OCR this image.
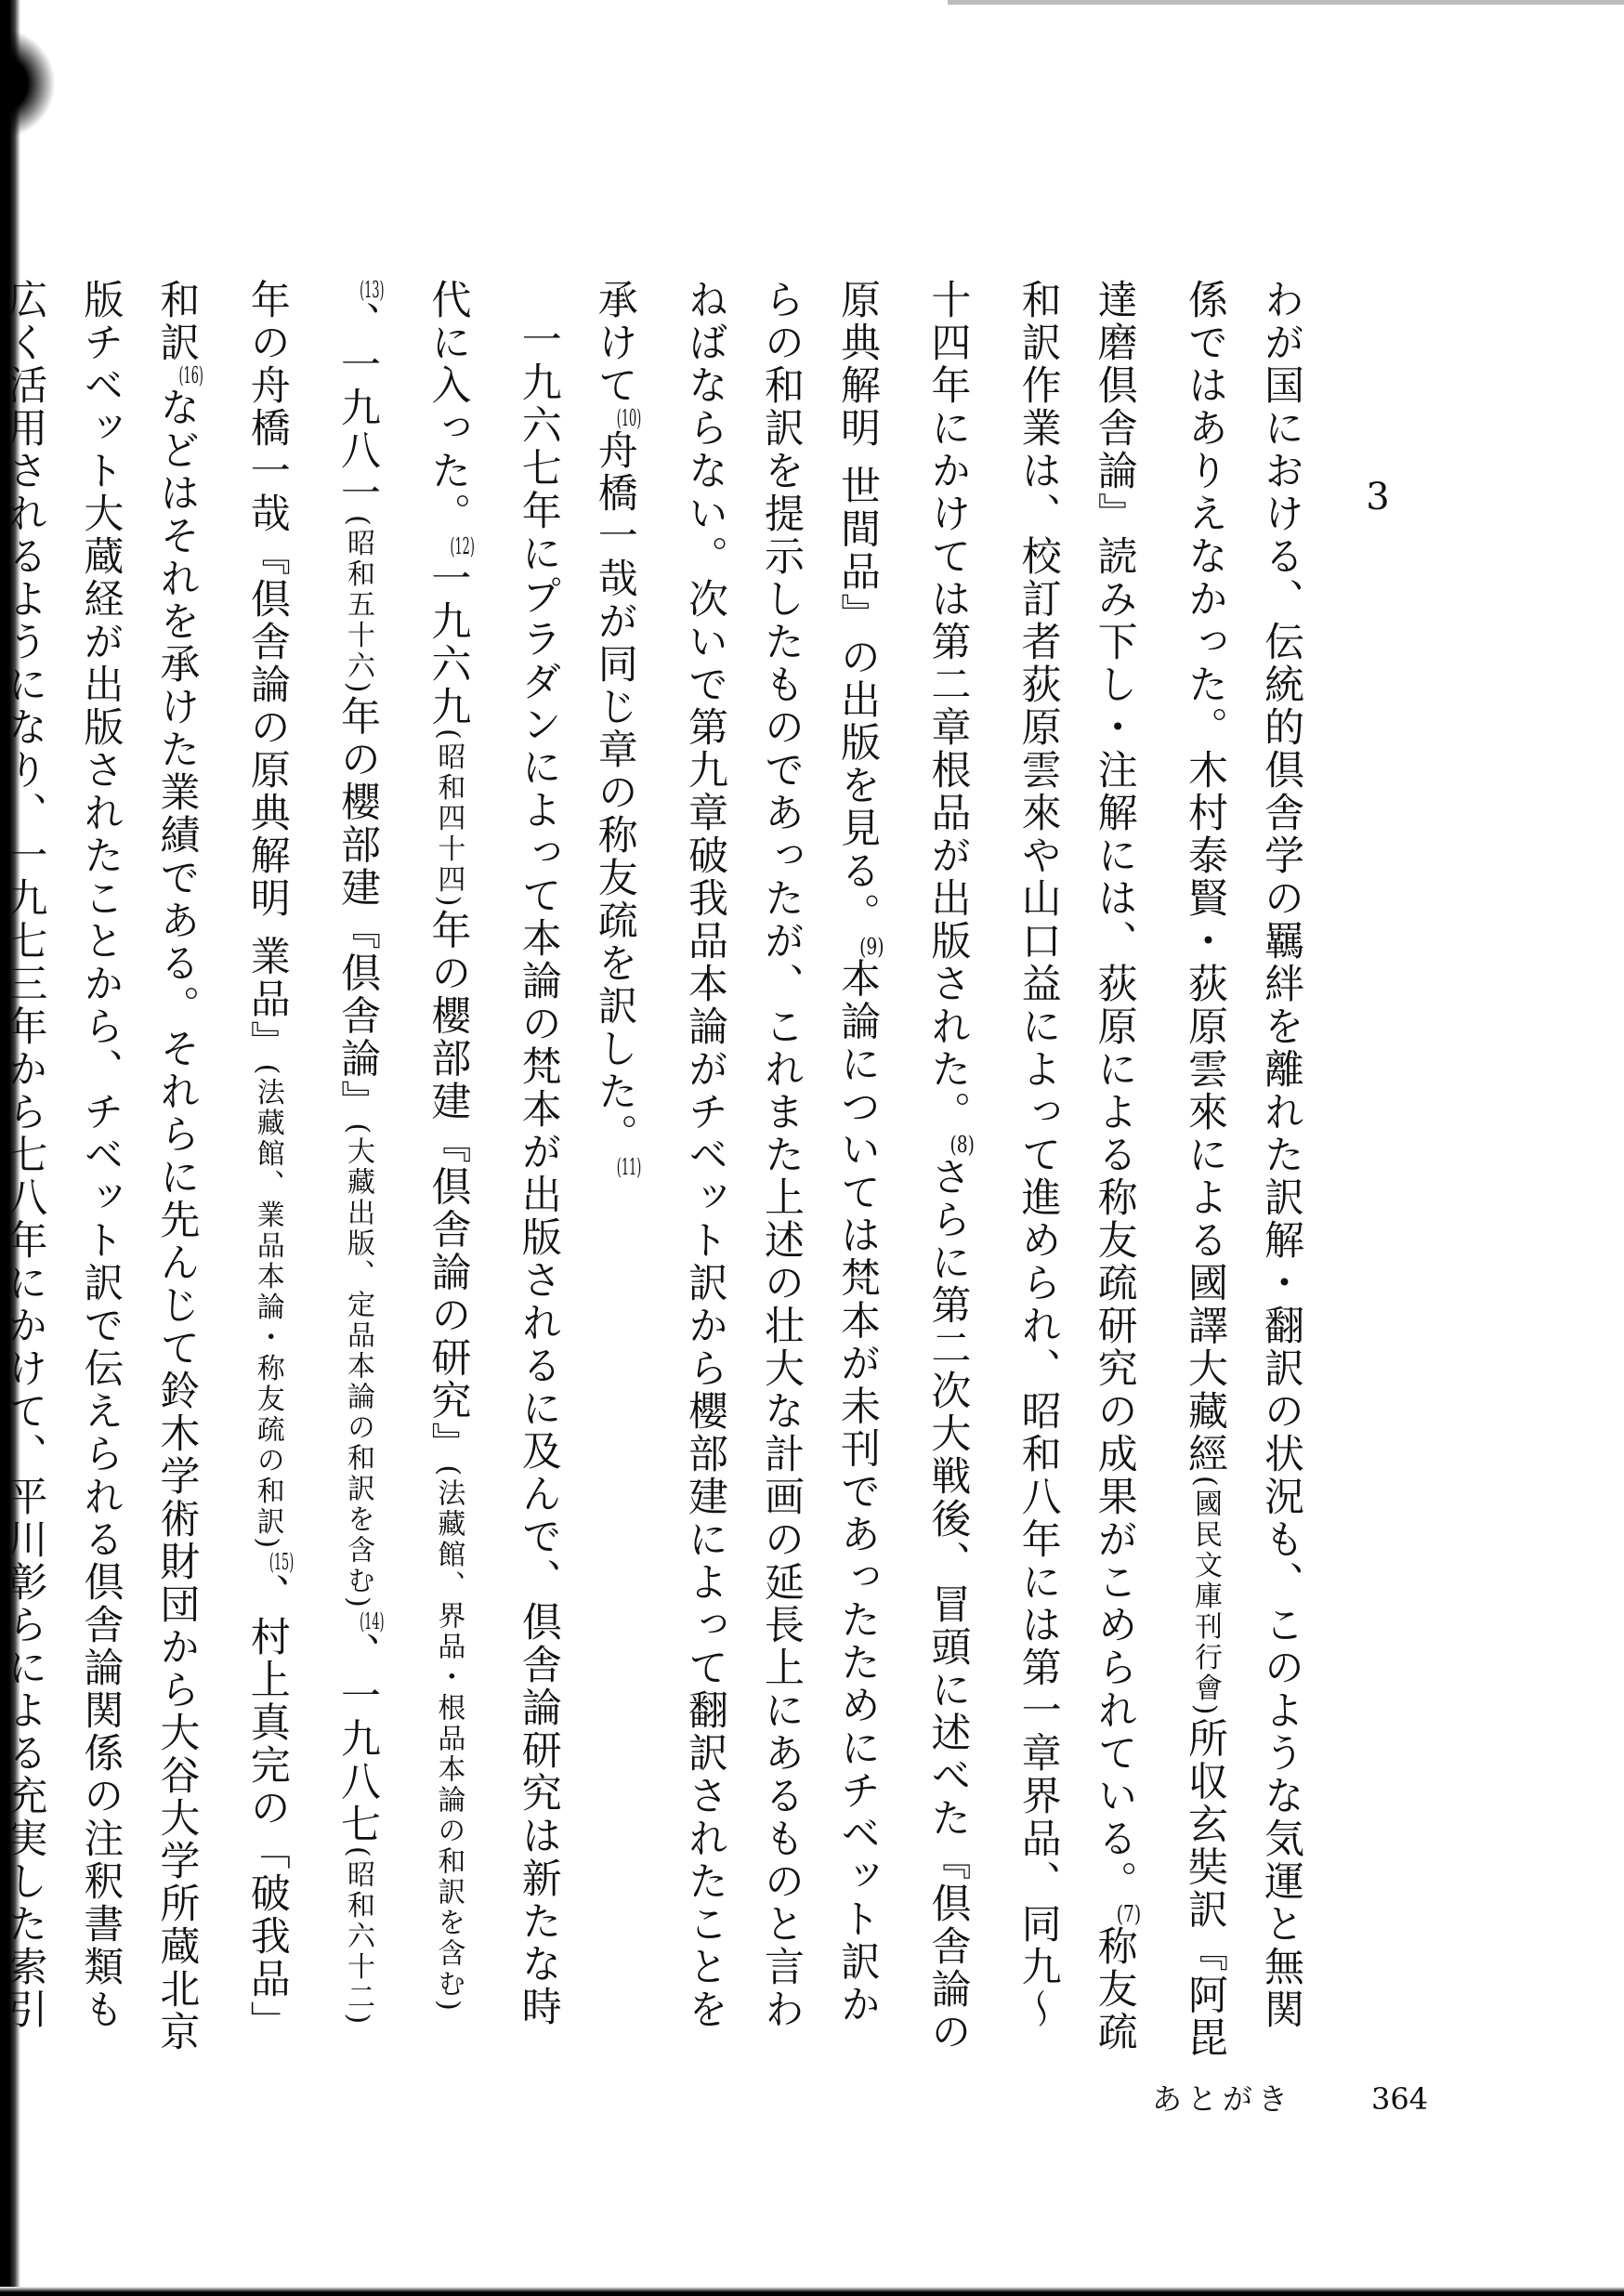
3

わが国における、伝統的倶舎学の羈絆を離れた訳解・翻訳の状況も、このような気運と無関係ではありえなかった。木村泰賢・荻原雲來による國譯大藏經(國民文庫刊行會)所収玄奘訳『阿毘達磨倶舎論』読み下し・注解には、荻原による称友疏研究の成果がこめられている。$^{(7)}$称友疏和訳作業は、校訂者荻原雲來や山口益によって進められ、昭和八年には第一章界品、同九～十四年にかけては第二章根品が出版された。$^{(8)}$さらに第二次大戦後、冒頭に述べた『倶舎論の原典解明 世間品』の出版を見る。$^{(9)}$本論については梵本が未刊であったためにチベット訳からの和訳を提示したものであったが、これまた上述の壮大な計画の延長上にあるものと言わねばならない。次いで第九章破我品本論がチベット訳から櫻部建によって翻訳されたことを承けて$^{(10)}$舟橋一哉が同じ章の称友疏を訳した。$^{(11)}$

一九六七年にプラダンによって本論の梵本が出版されるに及んで、倶舎論研究は新たな時代に入った。$^{(12)}$一九六九(昭和四十四)年の櫻部建『倶舎論の研究』(法藏館、界品・根品本論の和訳を含む)$^{(13)}$、一九八一(昭和五十六)年の櫻部建『倶舎論』(大藏出版、定品本論の和訳を含む)$^{(14)}$、一九八七(昭和六十二)年の舟橋一哉『倶舎論の原典解明 業品』(法藏館、業品本論・称友疏の和訳)$^{(15)}$、村上真完の「破我品」和訳$^{(16)}$などはそれを承けた業績である。それらに先んじて鈴木学術財団から大谷大学所蔵北京版チベット大蔵経が出版されたことから、チベット訳で伝えられる倶舎論関係の注釈書類も広く活用されるようになり、一九七三年から七八年にかけて、平川彰らによる充実した索引

あとがき	364
